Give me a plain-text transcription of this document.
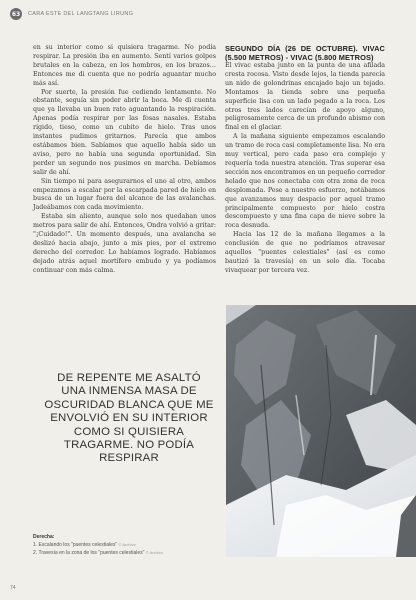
63	CARA ESTE DEL LANGTANG LIRUNG

en su interior como si quisiera tragarme. No podía respirar. La presión iba en aumento. Sentí varios golpes brutales en la cabeza, en los hombros, en los brazos… Entonces me di cuenta que no podría aguantar mucho más así.

Por suerte, la presión fue cediendo lentamente. No obstante, seguía sin poder abrir la boca. Me di cuenta que ya llevaba un buen rato aguantando la respiración. Apenas podía respirar por las fosas nasales. Estaba rígido, tieso, como un cubito de hielo. Tras unos instantes pudimos gritarnos. Parecía que ambos estábamos bien. Sabíamos que aquello había sido un aviso, pero no había una segunda oportunidad. Sin perder un segundo nos pusimos en marcha. Debíamos salir de ahí.

Sin tiempo ni para asegurarnos el uno al otro, ambos empezamos a escalar por la escarpada pared de hielo en busca de un lugar fuera del alcance de las avalanchas. Jadeábamos con cada movimiento.

Estaba sin aliento, aunque solo nos quedaban unos metros para salir de ahí. Entonces, Ondra volvió a gritar: "¡Cuidado!". Un momento después, una avalancha se deslizó hacia abajo, junto a mis pies, por el extremo derecho del corredor. Lo habíamos logrado. Habíamos dejado atrás aquel mortífero embudo y ya podíamos continuar con más calma.

SEGUNDO DÍA (26 DE OCTUBRE). VIVAC (5.500 METROS) - VIVAC (5.800 METROS)

El vivac estaba junto en la punta de una afilada cresta rocosa. Visto desde lejos, la tienda parecía un nido de golondrinas encajado bajo un tejado. Montamos la tienda sobre una pequeña superficie lisa con un lado pegado a la roca. Los otros tres lados carecían de apoyo alguno, peligrosamente cerca de un profundo abismo con final en el glaciar.

A la mañana siguiente empezamos escalando un tramo de roca casi completamente lisa. No era muy vertical, pero cada paso era complejo y requería toda nuestra atención. Tras superar esa sección nos encontramos en un pequeño corredor helado que nos conectaba con otra zona de roca desplomada. Pese a nuestro esfuerzo, notábamos que avanzamos muy despacio por aquel tramo principalmente compuesto por hielo costra descompuesto y una fina capa de nieve sobre la roca desnuda.

Hacia las 12 de la mañana llegamos a la conclusión de que no podríamos atravesar aquellos "puentes celestiales" (así es como bautizó la travesía) en un solo día. Tocaba vivaquear por tercera vez.

DE REPENTE ME ASALTÓ UNA INMENSA MASA DE OSCURIDAD BLANCA QUE ME ENVOLVIÓ EN SU INTERIOR COMO SI QUISIERA TRAGARME. NO PODÍA RESPIRAR
Derecha:
1. Escalando los "puentes celestiales" © Archivo
2. Travesía en la zona de los "puentes celestiales" © Archivo
74
